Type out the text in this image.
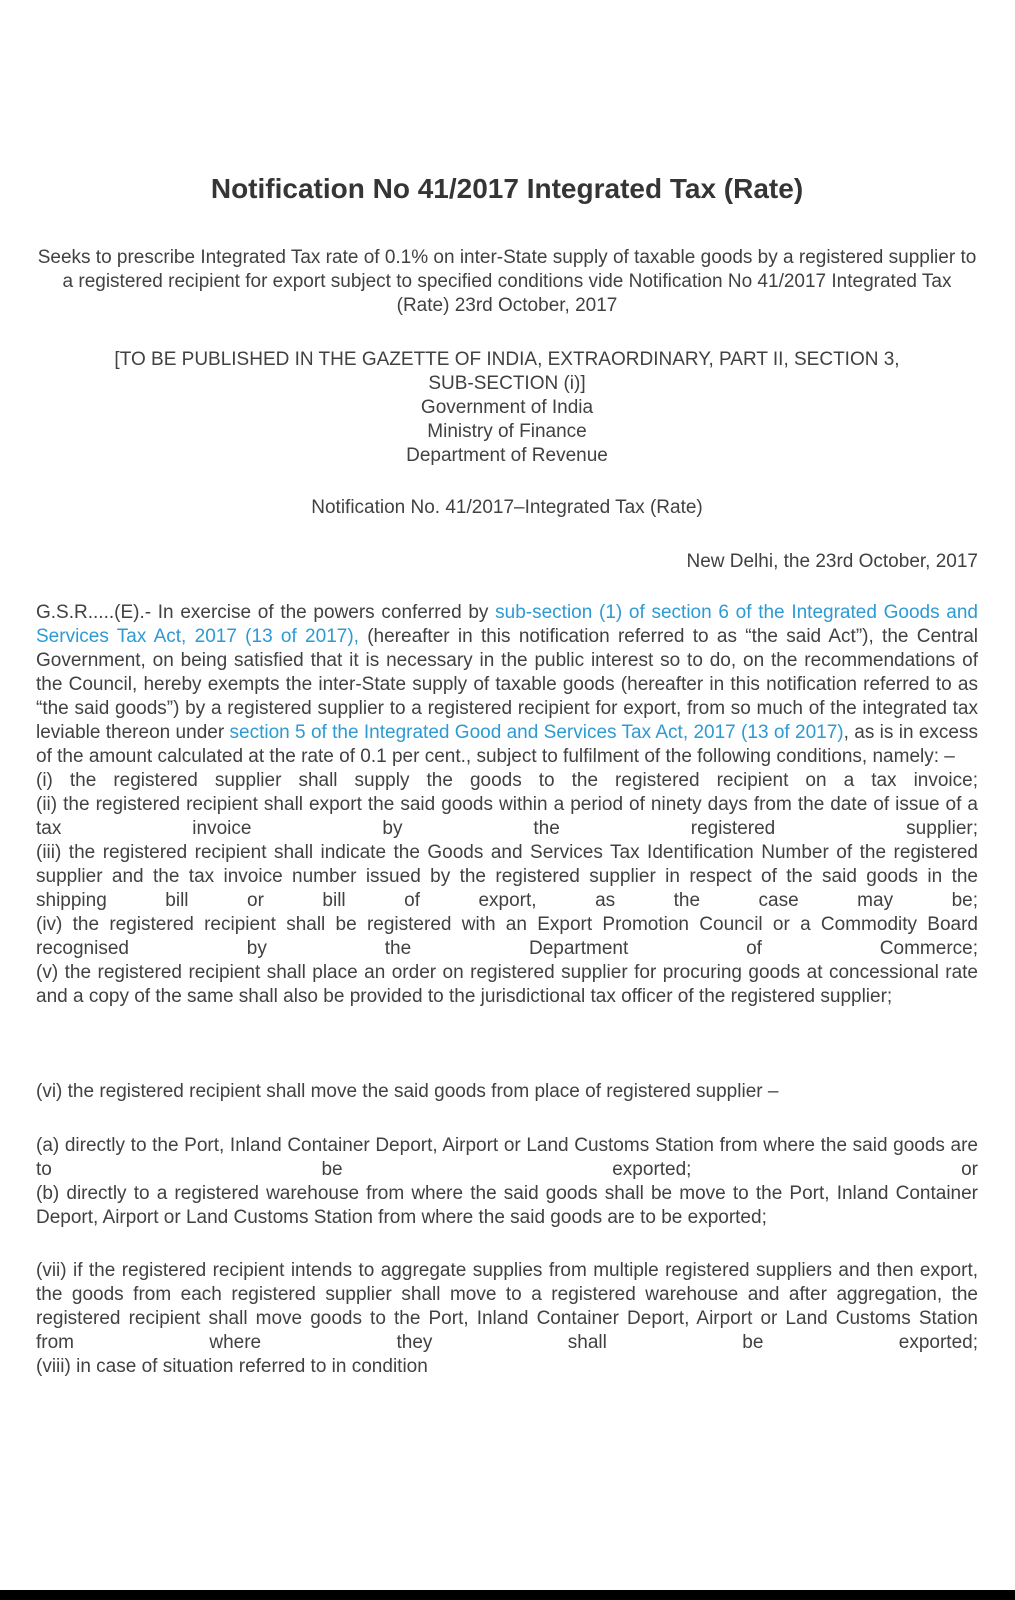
Notification No 41/2017 Integrated Tax (Rate)
Seeks to prescribe Integrated Tax rate of 0.1% on inter-State supply of taxable goods by a registered supplier to a registered recipient for export subject to specified conditions vide Notification No 41/2017 Integrated Tax (Rate) 23rd October, 2017
[TO BE PUBLISHED IN THE GAZETTE OF INDIA, EXTRAORDINARY, PART II, SECTION 3,
SUB-SECTION (i)]
Government of India
Ministry of Finance
Department of Revenue
Notification No. 41/2017–Integrated Tax (Rate)
New Delhi, the 23rd October, 2017
G.S.R.....(E).- In exercise of the powers conferred by sub-section (1) of section 6 of the Integrated Goods and Services Tax Act, 2017 (13 of 2017), (hereafter in this notification referred to as “the said Act”), the Central Government, on being satisfied that it is necessary in the public interest so to do, on the recommendations of the Council, hereby exempts the inter-State supply of taxable goods (hereafter in this notification referred to as “the said goods”) by a registered supplier to a registered recipient for export, from so much of the integrated tax leviable thereon under section 5 of the Integrated Good and Services Tax Act, 2017 (13 of 2017), as is in excess of the amount calculated at the rate of 0.1 per cent., subject to fulfilment of the following conditions, namely: –
(i) the registered supplier shall supply the goods to the registered recipient on a tax invoice;
(ii) the registered recipient shall export the said goods within a period of ninety days from the date of issue of a tax invoice by the registered supplier;
(iii) the registered recipient shall indicate the Goods and Services Tax Identification Number of the registered supplier and the tax invoice number issued by the registered supplier in respect of the said goods in the shipping bill or bill of export, as the case may be;
(iv) the registered recipient shall be registered with an Export Promotion Council or a Commodity Board recognised by the Department of Commerce;
(v) the registered recipient shall place an order on registered supplier for procuring goods at concessional rate and a copy of the same shall also be provided to the jurisdictional tax officer of the registered supplier;
(vi) the registered recipient shall move the said goods from place of registered supplier –
(a) directly to the Port, Inland Container Deport, Airport or Land Customs Station from where the said goods are to be exported; or
(b) directly to a registered warehouse from where the said goods shall be move to the Port, Inland Container Deport, Airport or Land Customs Station from where the said goods are to be exported;
(vii) if the registered recipient intends to aggregate supplies from multiple registered suppliers and then export, the goods from each registered supplier shall move to a registered warehouse and after aggregation, the registered recipient shall move goods to the Port, Inland Container Deport, Airport or Land Customs Station from where they shall be exported;
(viii) in case of situation referred to in condition
